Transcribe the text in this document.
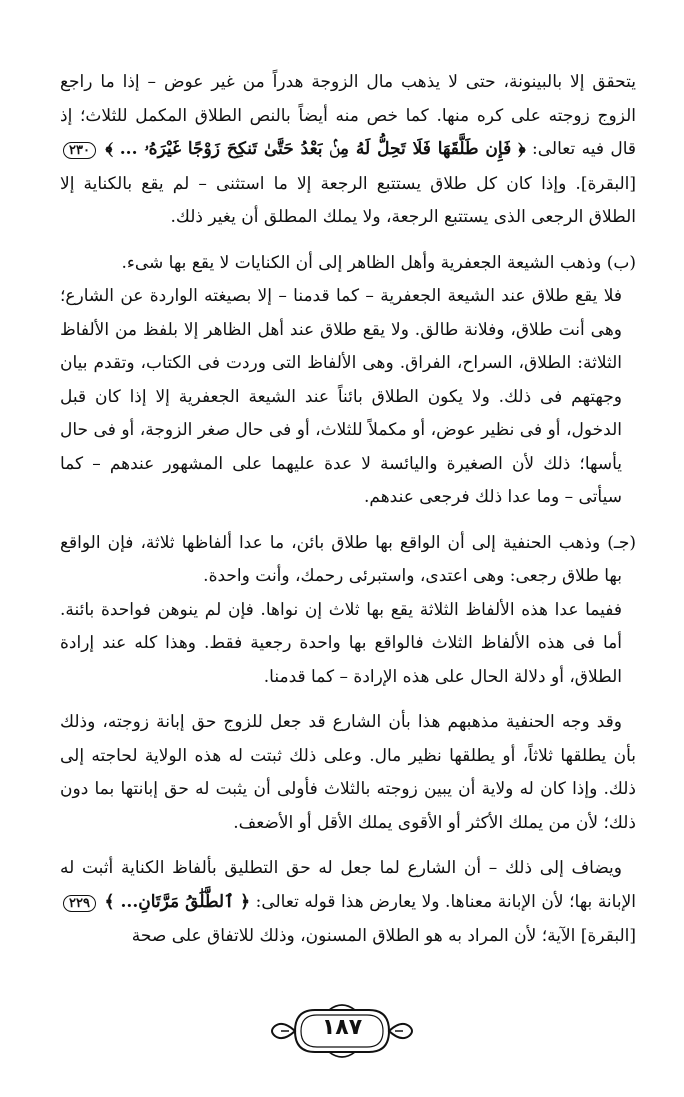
يتحقق إلا بالبينونة، حتى لا يذهب مال الزوجة هدراً من غير عوض – إذا ما راجع الزوج زوجته على كره منها. كما خص منه أيضاً بالنص الطلاق المكمل للثلاث؛ إذ قال فيه تعالى: ﴿ فَإِن طَلَّقَهَا فَلَا تَحِلُّ لَهُ مِنۢ بَعْدُ حَتَّىٰ تَنكِحَ زَوْجًا غَيْرَهُۥ ... ﴾ ٢٣٠ [البقرة]. وإذا كان كل طلاق يستتبع الرجعة إلا ما استثنى – لم يقع بالكناية إلا الطلاق الرجعى الذى يستتبع الرجعة، ولا يملك المطلق أن يغير ذلك.

(ب) وذهب الشيعة الجعفرية وأهل الظاهر إلى أن الكنايات لا يقع بها شىء.
فلا يقع طلاق عند الشيعة الجعفرية – كما قدمنا – إلا بصيغته الواردة عن الشارع؛ وهى أنت طلاق، وفلانة طالق. ولا يقع طلاق عند أهل الظاهر إلا بلفظ من الألفاظ الثلاثة: الطلاق، السراح، الفراق. وهى الألفاظ التى وردت فى الكتاب، وتقدم بيان وجهتهم فى ذلك. ولا يكون الطلاق بائناً عند الشيعة الجعفرية إلا إذا كان قبل الدخول، أو فى نظير عوض، أو مكملاً للثلاث، أو فى حال صغر الزوجة، أو فى حال يأسها؛ ذلك لأن الصغيرة واليائسة لا عدة عليهما على المشهور عندهم – كما سيأتى – وما عدا ذلك فرجعى عندهم.

(جـ) وذهب الحنفية إلى أن الواقع بها طلاق بائن، ما عدا ألفاظها ثلاثة، فإن الواقع بها طلاق رجعى: وهى اعتدى، واستبرئى رحمك، وأنت واحدة.
ففيما عدا هذه الألفاظ الثلاثة يقع بها ثلاث إن نواها. فإن لم ينوهن فواحدة بائنة. أما فى هذه الألفاظ الثلاث فالواقع بها واحدة رجعية فقط. وهذا كله عند إرادة الطلاق، أو دلالة الحال على هذه الإرادة – كما قدمنا.

وقد وجه الحنفية مذهبهم هذا بأن الشارع قد جعل للزوج حق إبانة زوجته، وذلك بأن يطلقها ثلاثاً، أو يطلقها نظير مال. وعلى ذلك ثبتت له هذه الولاية لحاجته إلى ذلك. وإذا كان له ولاية أن يبين زوجته بالثلاث فأولى أن يثبت له حق إبانتها بما دون ذلك؛ لأن من يملك الأكثر أو الأقوى يملك الأقل أو الأضعف.

ويضاف إلى ذلك – أن الشارع لما جعل له حق التطليق بألفاظ الكناية أثبت له الإبانة بها؛ لأن الإبانة معناها. ولا يعارض هذا قوله تعالى: ﴿ ٱلطَّلَٰقُ مَرَّتَانِ... ﴾ ٢٢٩ [البقرة] الآية؛ لأن المراد به هو الطلاق المسنون، وذلك للاتفاق على صحة

١٨٧
